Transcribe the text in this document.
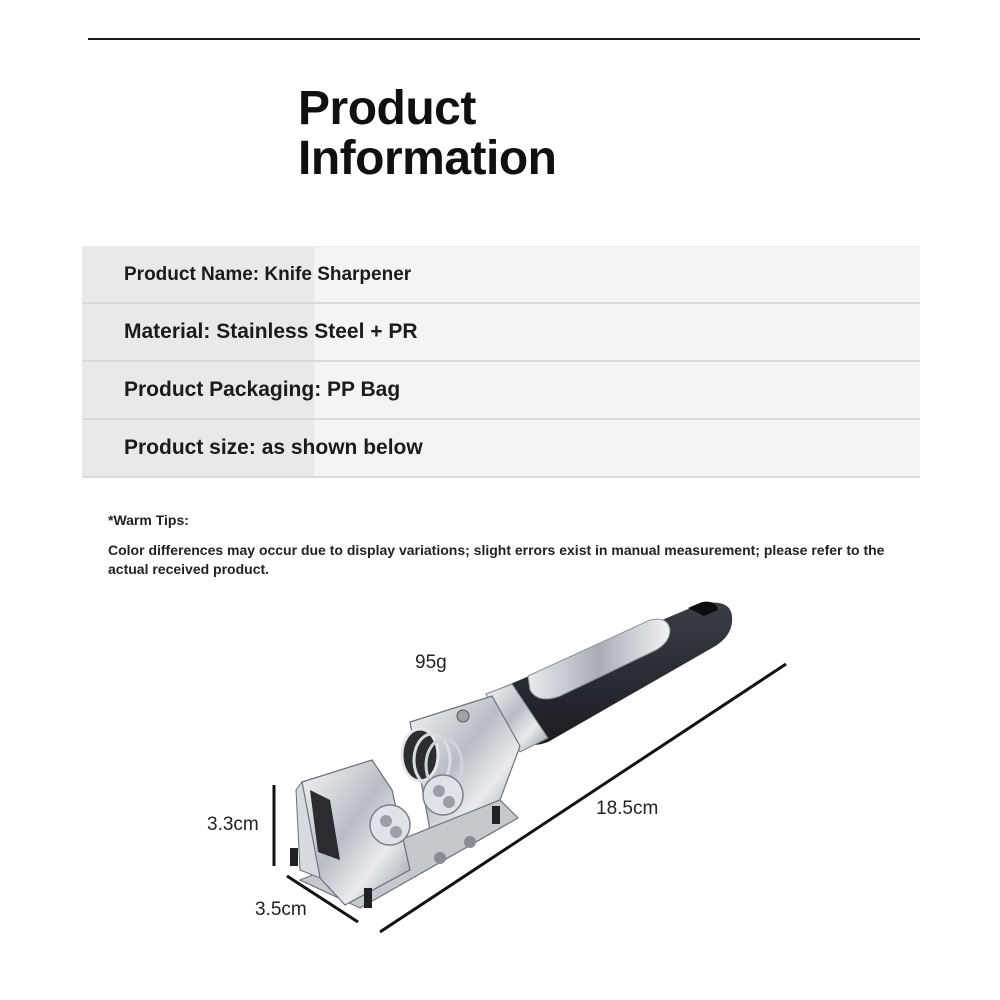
Product
Information
Product Name: Knife Sharpener
Material: Stainless Steel + PR
Product Packaging: PP Bag
Product size: as shown below
*Warm Tips:
Color differences may occur due to display variations; slight errors exist in manual measurement; please refer to the actual received product.
95g
18.5cm
3.3cm
3.5cm
